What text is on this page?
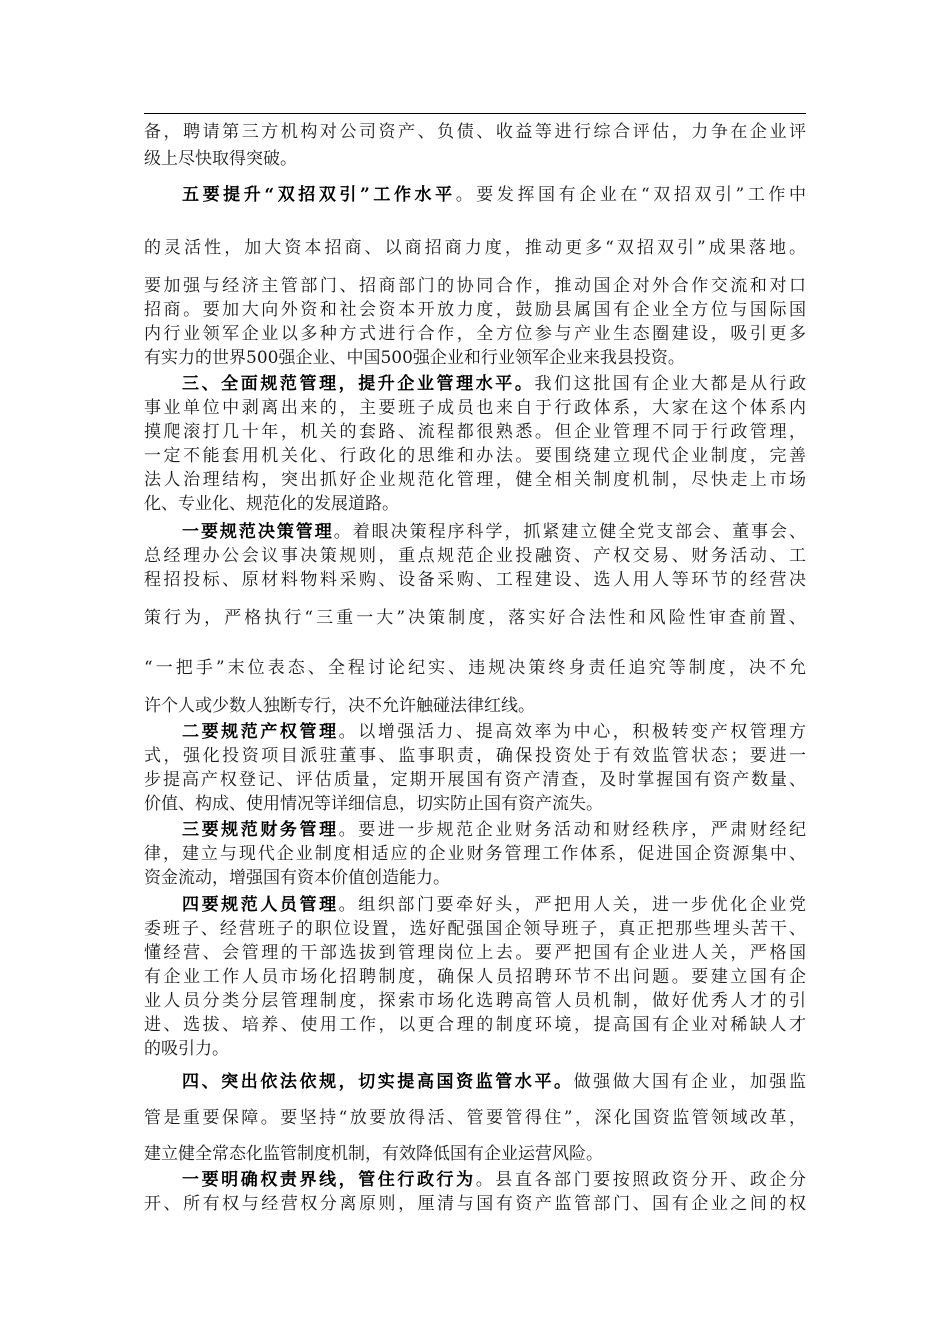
备，聘请第三方机构对公司资产、负债、收益等进行综合评估，力争在企业评
级上尽快取得突破。
五要提升“双招双引”工作水平。要发挥国有企业在“双招双引”工作中
的灵活性，加大资本招商、以商招商力度，推动更多“双招双引”成果落地。
要加强与经济主管部门、招商部门的协同合作，推动国企对外合作交流和对口
招商。要加大向外资和社会资本开放力度，鼓励县属国有企业全方位与国际国
内行业领军企业以多种方式进行合作，全方位参与产业生态圈建设，吸引更多
有实力的世界500强企业、中国500强企业和行业领军企业来我县投资。
三、全面规范管理，提升企业管理水平。我们这批国有企业大都是从行政
事业单位中剥离出来的，主要班子成员也来自于行政体系，大家在这个体系内
摸爬滚打几十年，机关的套路、流程都很熟悉。但企业管理不同于行政管理，
一定不能套用机关化、行政化的思维和办法。要围绕建立现代企业制度，完善
法人治理结构，突出抓好企业规范化管理，健全相关制度机制，尽快走上市场
化、专业化、规范化的发展道路。
一要规范决策管理。着眼决策程序科学，抓紧建立健全党支部会、董事会、
总经理办公会议事决策规则，重点规范企业投融资、产权交易、财务活动、工
程招投标、原材料物料采购、设备采购、工程建设、选人用人等环节的经营决
策行为，严格执行“三重一大”决策制度，落实好合法性和风险性审查前置、
“一把手”末位表态、全程讨论纪实、违规决策终身责任追究等制度，决不允
许个人或少数人独断专行，决不允许触碰法律红线。
二要规范产权管理。以增强活力、提高效率为中心，积极转变产权管理方
式，强化投资项目派驻董事、监事职责，确保投资处于有效监管状态；要进一
步提高产权登记、评估质量，定期开展国有资产清查，及时掌握国有资产数量、
价值、构成、使用情况等详细信息，切实防止国有资产流失。
三要规范财务管理。要进一步规范企业财务活动和财经秩序，严肃财经纪
律，建立与现代企业制度相适应的企业财务管理工作体系，促进国企资源集中、
资金流动，增强国有资本价值创造能力。
四要规范人员管理。组织部门要牵好头，严把用人关，进一步优化企业党
委班子、经营班子的职位设置，选好配强国企领导班子，真正把那些埋头苦干、
懂经营、会管理的干部选拔到管理岗位上去。要严把国有企业进人关，严格国
有企业工作人员市场化招聘制度，确保人员招聘环节不出问题。要建立国有企
业人员分类分层管理制度，探索市场化选聘高管人员机制，做好优秀人才的引
进、选拔、培养、使用工作，以更合理的制度环境，提高国有企业对稀缺人才
的吸引力。
四、突出依法依规，切实提高国资监管水平。做强做大国有企业，加强监
管是重要保障。要坚持“放要放得活、管要管得住”，深化国资监管领域改革，
建立健全常态化监管制度机制，有效降低国有企业运营风险。
一要明确权责界线，管住行政行为。县直各部门要按照政资分开、政企分
开、所有权与经营权分离原则，厘清与国有资产监管部门、国有企业之间的权
